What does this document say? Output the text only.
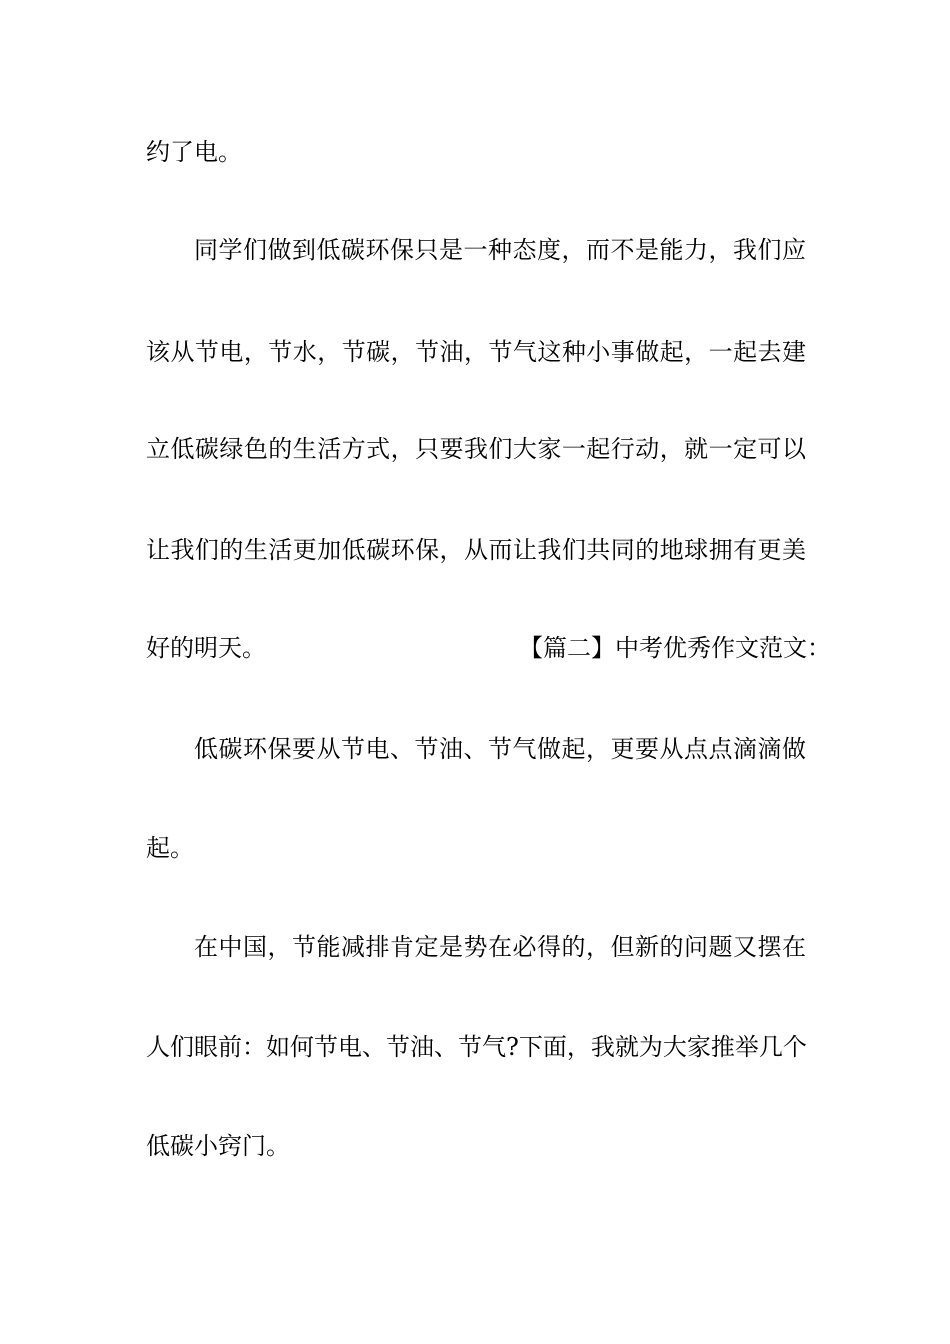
约了电。
同学们做到低碳环保只是一种态度，而不是能力，我们应
该从节电，节水，节碳，节油，节气这种小事做起，一起去建
立低碳绿色的生活方式，只要我们大家一起行动，就一定可以
让我们的生活更加低碳环保，从而让我们共同的地球拥有更美
好的明天。	【篇二】中考优秀作文范文：
低碳环保要从节电、节油、节气做起，更要从点点滴滴做
起。
在中国，节能减排肯定是势在必得的，但新的问题又摆在
人们眼前：如何节电、节油、节气?下面，我就为大家推举几个
低碳小窍门。
